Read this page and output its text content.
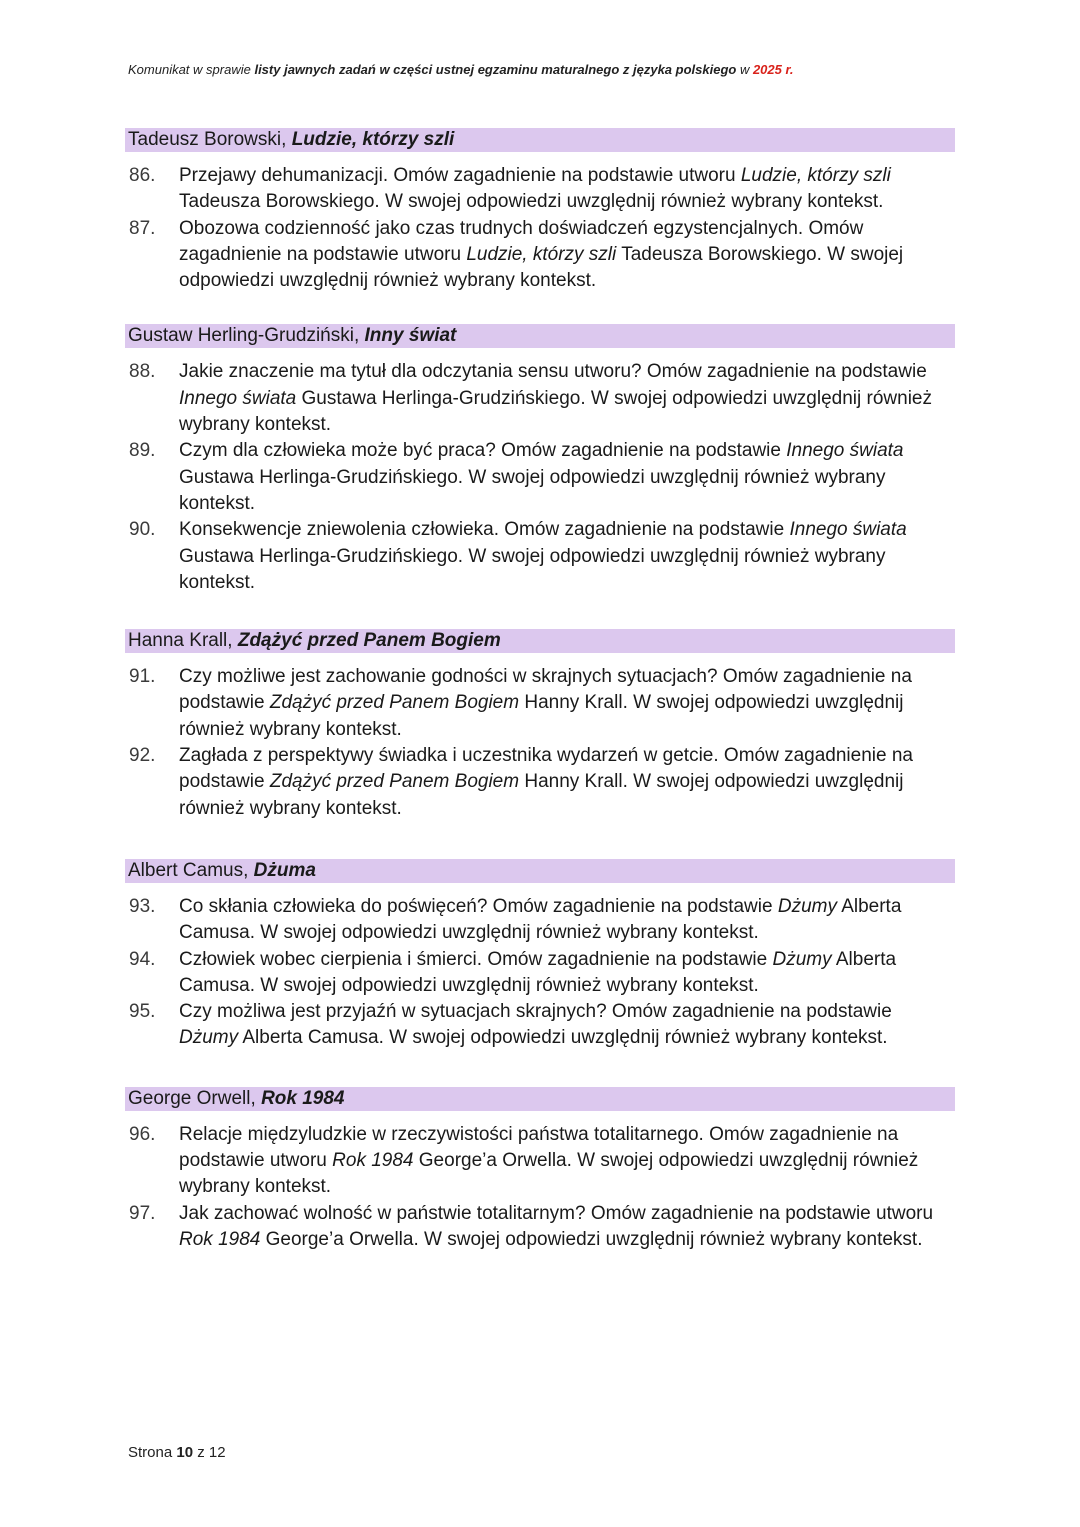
Komunikat w sprawie listy jawnych zadań w części ustnej egzaminu maturalnego z języka polskiego w 2025 r.
Tadeusz Borowski, Ludzie, którzy szli
86. Przejawy dehumanizacji. Omów zagadnienie na podstawie utworu Ludzie, którzy szli Tadeusza Borowskiego. W swojej odpowiedzi uwzględnij również wybrany kontekst.
87. Obozowa codzienność jako czas trudnych doświadczeń egzystencjalnych. Omów zagadnienie na podstawie utworu Ludzie, którzy szli Tadeusza Borowskiego. W swojej odpowiedzi uwzględnij również wybrany kontekst.
Gustaw Herling-Grudziński, Inny świat
88. Jakie znaczenie ma tytuł dla odczytania sensu utworu? Omów zagadnienie na podstawie Innego świata Gustawa Herlinga-Grudzińskiego. W swojej odpowiedzi uwzględnij również wybrany kontekst.
89. Czym dla człowieka może być praca? Omów zagadnienie na podstawie Innego świata Gustawa Herlinga-Grudzińskiego. W swojej odpowiedzi uwzględnij również wybrany kontekst.
90. Konsekwencje zniewolenia człowieka. Omów zagadnienie na podstawie Innego świata Gustawa Herlinga-Grudzińskiego. W swojej odpowiedzi uwzględnij również wybrany kontekst.
Hanna Krall, Zdążyć przed Panem Bogiem
91. Czy możliwe jest zachowanie godności w skrajnych sytuacjach? Omów zagadnienie na podstawie Zdążyć przed Panem Bogiem Hanny Krall. W swojej odpowiedzi uwzględnij również wybrany kontekst.
92. Zagłada z perspektywy świadka i uczestnika wydarzeń w getcie. Omów zagadnienie na podstawie Zdążyć przed Panem Bogiem Hanny Krall. W swojej odpowiedzi uwzględnij również wybrany kontekst.
Albert Camus, Dżuma
93. Co skłania człowieka do poświęceń? Omów zagadnienie na podstawie Dżumy Alberta Camusa. W swojej odpowiedzi uwzględnij również wybrany kontekst.
94. Człowiek wobec cierpienia i śmierci. Omów zagadnienie na podstawie Dżumy Alberta Camusa. W swojej odpowiedzi uwzględnij również wybrany kontekst.
95. Czy możliwa jest przyjaźń w sytuacjach skrajnych? Omów zagadnienie na podstawie Dżumy Alberta Camusa. W swojej odpowiedzi uwzględnij również wybrany kontekst.
George Orwell, Rok 1984
96. Relacje międzyludzkie w rzeczywistości państwa totalitarnego. Omów zagadnienie na podstawie utworu Rok 1984 George’a Orwella. W swojej odpowiedzi uwzględnij również wybrany kontekst.
97. Jak zachować wolność w państwie totalitarnym? Omów zagadnienie na podstawie utworu Rok 1984 George’a Orwella. W swojej odpowiedzi uwzględnij również wybrany kontekst.
Strona 10 z 12
